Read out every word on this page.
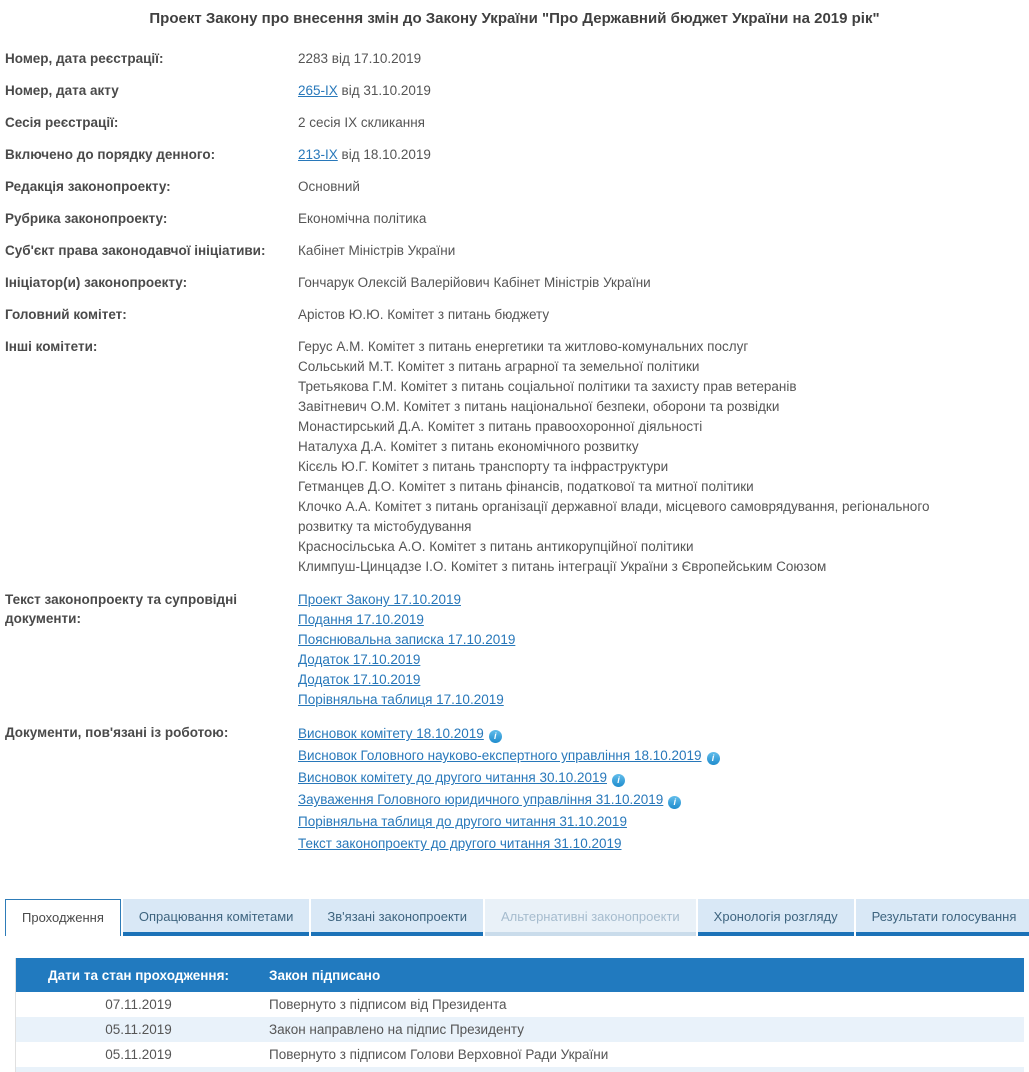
Проект Закону про внесення змін до Закону України "Про Державний бюджет України на 2019 рік"
Номер, дата реєстрації:	2283 від 17.10.2019
Номер, дата акту	265-IX від 31.10.2019
Сесія реєстрації:	2 сесія IX скликання
Включено до порядку денного:	213-IX від 18.10.2019
Редакція законопроекту:	Основний
Рубрика законопроекту:	Економічна політика
Суб'єкт права законодавчої ініціативи:	Кабінет Міністрів України
Ініціатор(и) законопроекту:	Гончарук Олексій Валерійович Кабінет Міністрів України
Головний комітет:	Арістов Ю.Ю. Комітет з питань бюджету
Інші комітети:	Герус А.М. Комітет з питань енергетики та житлово-комунальних послуг
Сольський М.Т. Комітет з питань аграрної та земельної політики
Третьякова Г.М. Комітет з питань соціальної політики та захисту прав ветеранів
Завітневич О.М. Комітет з питань національної безпеки, оборони та розвідки
Монастирський Д.А. Комітет з питань правоохоронної діяльності
Наталуха Д.А. Комітет з питань економічного розвитку
Кісєль Ю.Г. Комітет з питань транспорту та інфраструктури
Гетманцев Д.О. Комітет з питань фінансів, податкової та митної політики
Клочко А.А. Комітет з питань організації державної влади, місцевого самоврядування, регіонального розвитку та містобудування
Красносільська А.О. Комітет з питань антикорупційної політики
Климпуш-Цинцадзе І.О. Комітет з питань інтеграції України з Європейським Союзом
Текст законопроекту та супровідні документи:
Проект Закону 17.10.2019
Подання 17.10.2019
Пояснювальна записка 17.10.2019
Додаток 17.10.2019
Додаток 17.10.2019
Порівняльна таблиця 17.10.2019
Документи, пов'язані із роботою:	Висновок комітету 18.10.2019 i
Висновок Головного науково-експертного управління 18.10.2019 i
Висновок комітету до другого читання 30.10.2019 i
Зауваження Головного юридичного управління 31.10.2019 i
Порівняльна таблиця до другого читання 31.10.2019
Текст законопроекту до другого читання 31.10.2019
Проходження	Опрацювання комітетами	Зв'язані законопроекти	Альтернативні законопроекти	Хронологія розгляду	Результати голосування
Дати та стан проходження:	Закон підписано
07.11.2019	Повернуто з підписом від Президента
05.11.2019	Закон направлено на підпис Президенту
05.11.2019	Повернуто з підписом Голови Верховної Ради України
